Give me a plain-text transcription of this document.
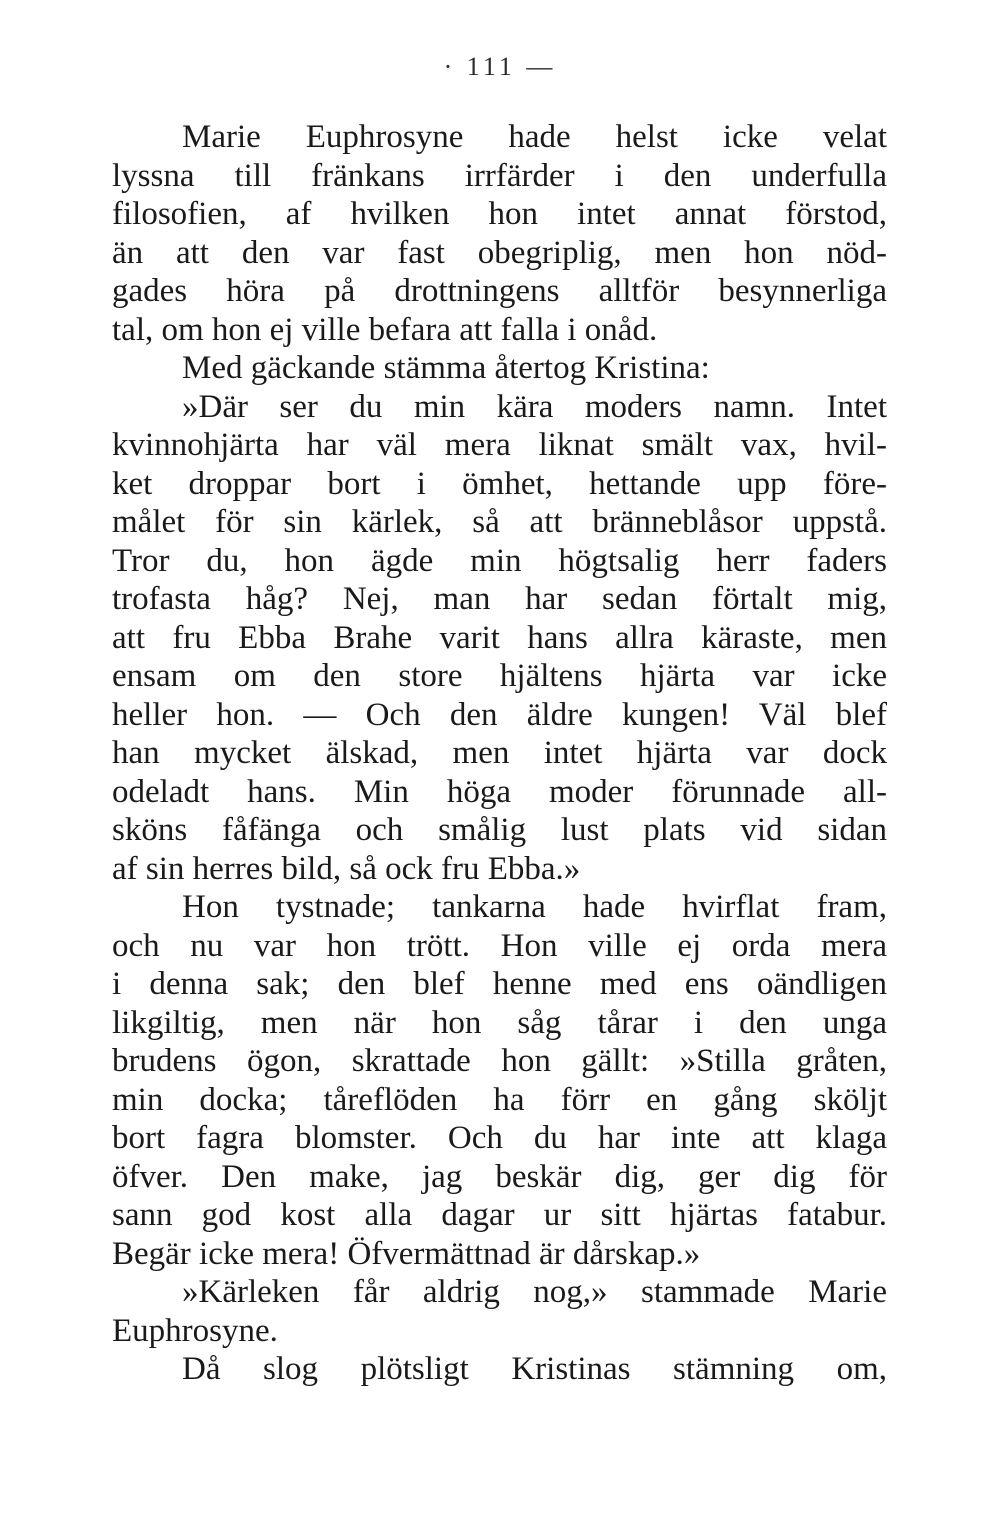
· 111 —
Marie Euphrosyne hade helst icke velat
lyssna till fränkans irrfärder i den underfulla
filosofien, af hvilken hon intet annat förstod,
än att den var fast obegriplig, men hon nöd-
gades höra på drottningens alltför besynnerliga
tal, om hon ej ville befara att falla i onåd.
Med gäckande stämma återtog Kristina:
»Där ser du min kära moders namn. Intet
kvinnohjärta har väl mera liknat smält vax, hvil-
ket droppar bort i ömhet, hettande upp före-
målet för sin kärlek, så att bränneblåsor uppstå.
Tror du, hon ägde min högtsalig herr faders
trofasta håg? Nej, man har sedan förtalt mig,
att fru Ebba Brahe varit hans allra käraste, men
ensam om den store hjältens hjärta var icke
heller hon. — Och den äldre kungen! Väl blef
han mycket älskad, men intet hjärta var dock
odeladt hans. Min höga moder förunnade all-
sköns fåfänga och smålig lust plats vid sidan
af sin herres bild, så ock fru Ebba.»
Hon tystnade; tankarna hade hvirflat fram,
och nu var hon trött. Hon ville ej orda mera
i denna sak; den blef henne med ens oändligen
likgiltig, men när hon såg tårar i den unga
brudens ögon, skrattade hon gällt: »Stilla gråten,
min docka; tåreflöden ha förr en gång sköljt
bort fagra blomster. Och du har inte att klaga
öfver. Den make, jag beskär dig, ger dig för
sann god kost alla dagar ur sitt hjärtas fatabur.
Begär icke mera! Öfvermättnad är dårskap.»
»Kärleken får aldrig nog,» stammade Marie
Euphrosyne.
Då slog plötsligt Kristinas stämning om,
